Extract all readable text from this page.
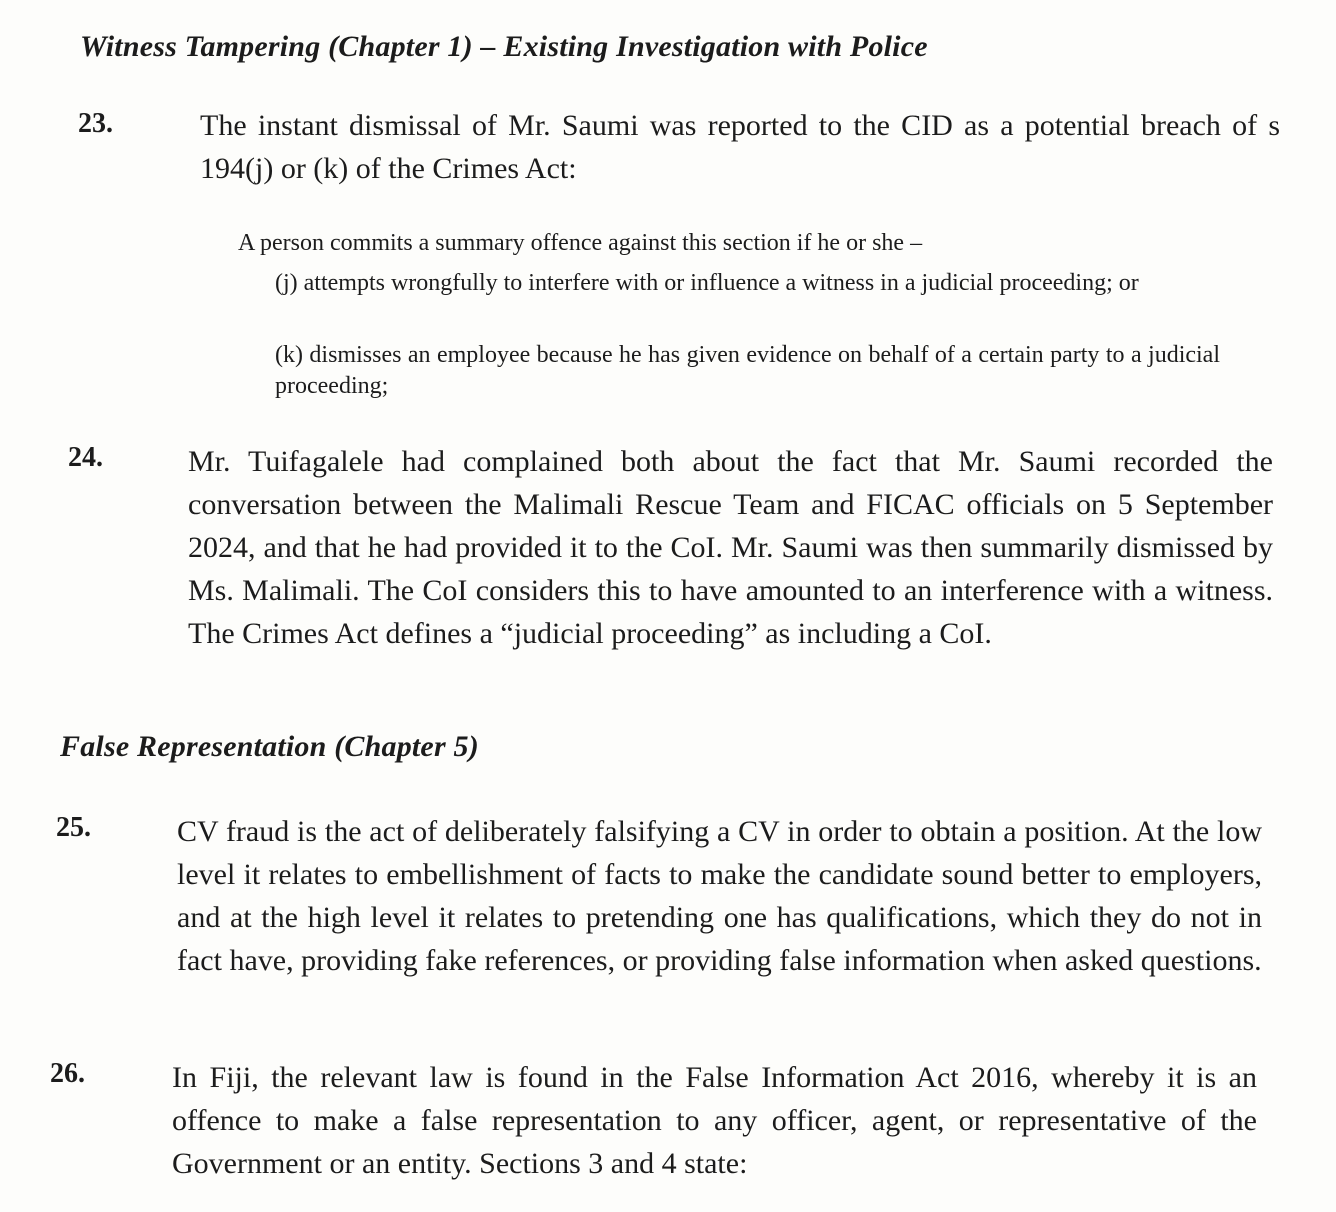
Witness Tampering (Chapter 1) – Existing Investigation with Police
23.	The instant dismissal of Mr. Saumi was reported to the CID as a potential breach of s 194(j) or (k) of the Crimes Act:
A person commits a summary offence against this section if he or she –
(j) attempts wrongfully to interfere with or influence a witness in a judicial proceeding; or
(k) dismisses an employee because he has given evidence on behalf of a certain party to a judicial proceeding;
24.	Mr. Tuifagalele had complained both about the fact that Mr. Saumi recorded the conversation between the Malimali Rescue Team and FICAC officials on 5 September 2024, and that he had provided it to the CoI. Mr. Saumi was then summarily dismissed by Ms. Malimali. The CoI considers this to have amounted to an interference with a witness. The Crimes Act defines a “judicial proceeding” as including a CoI.
False Representation (Chapter 5)
25.	CV fraud is the act of deliberately falsifying a CV in order to obtain a position. At the low level it relates to embellishment of facts to make the candidate sound better to employers, and at the high level it relates to pretending one has qualifications, which they do not in fact have, providing fake references, or providing false information when asked questions.
26.	In Fiji, the relevant law is found in the False Information Act 2016, whereby it is an offence to make a false representation to any officer, agent, or representative of the Government or an entity. Sections 3 and 4 state:
